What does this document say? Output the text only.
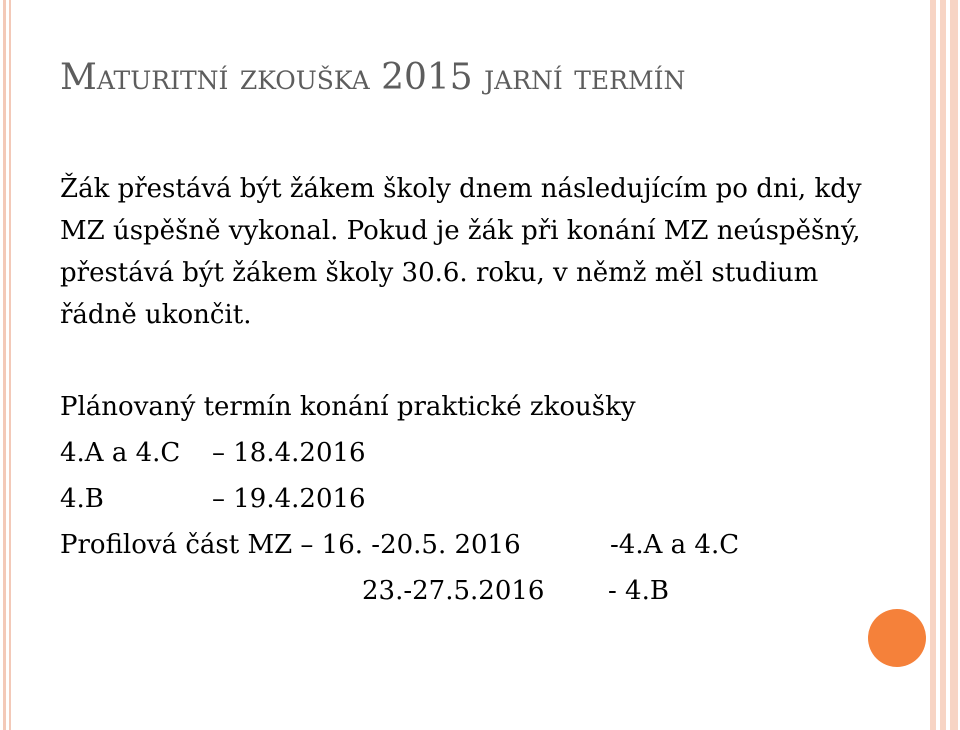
Maturitní zkouška 2015 jarní termín

Žák přestává být žákem školy dnem následujícím po dni, kdy MZ úspěšně vykonal. Pokud je žák při konání MZ neúspěšný, přestává být žákem školy 30.6. roku, v němž měl studium řádně ukončit.

Plánovaný termín konání praktické zkoušky
4.A a 4.C – 18.4.2016
4.B	– 19.4.2016
Profilová část MZ – 16. -20.5. 2016	-4.A a 4.C
23.-27.5.2016 - 4.B
